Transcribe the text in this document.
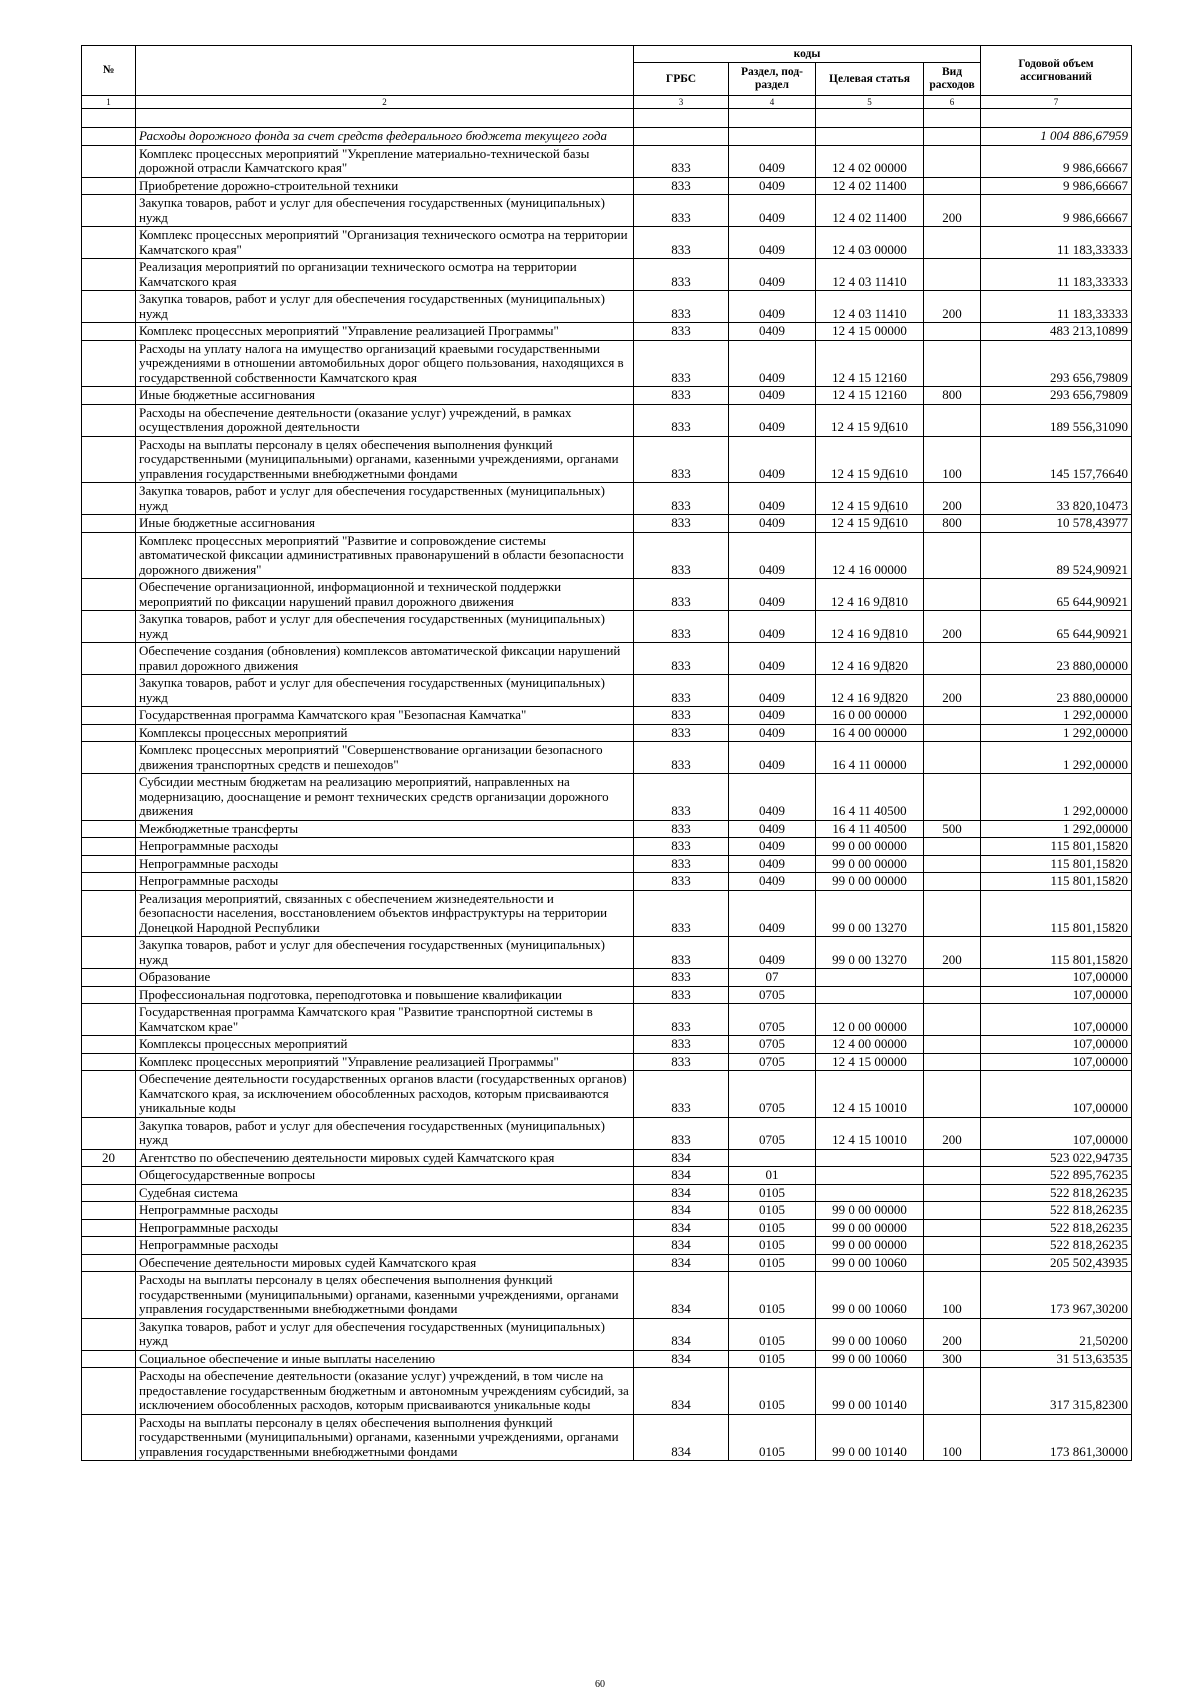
№		коды				Годовой объем ассигнований
		ГРБС	Раздел, под-раздел	Целевая статья	Вид расходов	
1	2	3	4	5	6	7

	Расходы дорожного фонда за счет средств федерального бюджета текущего года					1 004 886,67959
	Комплекс процессных мероприятий "Укрепление материально-технической базы дорожной отрасли Камчатского края"	833	0409	12 4 02 00000		9 986,66667
	Приобретение дорожно-строительной техники	833	0409	12 4 02 11400		9 986,66667
	Закупка товаров, работ и услуг для обеспечения государственных (муниципальных) нужд	833	0409	12 4 02 11400	200	9 986,66667
	Комплекс процессных мероприятий "Организация технического осмотра на территории Камчатского края"	833	0409	12 4 03 00000		11 183,33333
	Реализация мероприятий по организации технического осмотра на территории Камчатского края	833	0409	12 4 03 11410		11 183,33333
	Закупка товаров, работ и услуг для обеспечения государственных (муниципальных) нужд	833	0409	12 4 03 11410	200	11 183,33333
	Комплекс процессных мероприятий "Управление реализацией Программы"	833	0409	12 4 15 00000		483 213,10899
	Расходы на уплату налога на имущество организаций краевыми государственными учреждениями в отношении автомобильных дорог общего пользования, находящихся в государственной собственности Камчатского края	833	0409	12 4 15 12160		293 656,79809
	Иные бюджетные ассигнования	833	0409	12 4 15 12160	800	293 656,79809
	Расходы на обеспечение деятельности (оказание услуг) учреждений, в рамках осуществления дорожной деятельности	833	0409	12 4 15 9Д610		189 556,31090
	Расходы на выплаты персоналу в целях обеспечения выполнения функций государственными (муниципальными) органами, казенными учреждениями, органами управления государственными внебюджетными фондами	833	0409	12 4 15 9Д610	100	145 157,76640
	Закупка товаров, работ и услуг для обеспечения государственных (муниципальных) нужд	833	0409	12 4 15 9Д610	200	33 820,10473
	Иные бюджетные ассигнования	833	0409	12 4 15 9Д610	800	10 578,43977
	Комплекс процессных мероприятий "Развитие и сопровождение системы автоматической фиксации административных правонарушений в области безопасности дорожного движения"	833	0409	12 4 16 00000		89 524,90921
	Обеспечение организационной, информационной и технической поддержки мероприятий по фиксации нарушений правил дорожного движения	833	0409	12 4 16 9Д810		65 644,90921
	Закупка товаров, работ и услуг для обеспечения государственных (муниципальных) нужд	833	0409	12 4 16 9Д810	200	65 644,90921
	Обеспечение создания (обновления) комплексов автоматической фиксации нарушений правил дорожного движения	833	0409	12 4 16 9Д820		23 880,00000
	Закупка товаров, работ и услуг для обеспечения государственных (муниципальных) нужд	833	0409	12 4 16 9Д820	200	23 880,00000
	Государственная программа Камчатского края "Безопасная Камчатка"	833	0409	16 0 00 00000		1 292,00000
	Комплексы процессных мероприятий	833	0409	16 4 00 00000		1 292,00000
	Комплекс процессных мероприятий "Совершенствование организации безопасного движения транспортных средств и пешеходов"	833	0409	16 4 11 00000		1 292,00000
	Субсидии местным бюджетам на реализацию мероприятий, направленных на модернизацию, дооснащение и ремонт технических средств организации дорожного движения	833	0409	16 4 11 40500		1 292,00000
	Межбюджетные трансферты	833	0409	16 4 11 40500	500	1 292,00000
	Непрограммные расходы	833	0409	99 0 00 00000		115 801,15820
	Непрограммные расходы	833	0409	99 0 00 00000		115 801,15820
	Непрограммные расходы	833	0409	99 0 00 00000		115 801,15820
	Реализация мероприятий, связанных с обеспечением жизнедеятельности и безопасности населения, восстановлением объектов инфраструктуры на территории Донецкой Народной Республики	833	0409	99 0 00 13270		115 801,15820
	Закупка товаров, работ и услуг для обеспечения государственных (муниципальных) нужд	833	0409	99 0 00 13270	200	115 801,15820
	Образование	833	07			107,00000
	Профессиональная подготовка, переподготовка и повышение квалификации	833	0705			107,00000
	Государственная программа Камчатского края "Развитие транспортной системы в Камчатском крае"	833	0705	12 0 00 00000		107,00000
	Комплексы процессных мероприятий	833	0705	12 4 00 00000		107,00000
	Комплекс процессных мероприятий "Управление реализацией Программы"	833	0705	12 4 15 00000		107,00000
	Обеспечение деятельности государственных органов власти (государственных органов) Камчатского края, за исключением обособленных расходов, которым присваиваются уникальные коды	833	0705	12 4 15 10010		107,00000
	Закупка товаров, работ и услуг для обеспечения государственных (муниципальных) нужд	833	0705	12 4 15 10010	200	107,00000
20	Агентство по обеспечению деятельности мировых судей Камчатского края	834				523 022,94735
	Общегосударственные вопросы	834	01			522 895,76235
	Судебная система	834	0105			522 818,26235
	Непрограммные расходы	834	0105	99 0 00 00000		522 818,26235
	Непрограммные расходы	834	0105	99 0 00 00000		522 818,26235
	Непрограммные расходы	834	0105	99 0 00 00000		522 818,26235
	Обеспечение деятельности мировых судей Камчатского края	834	0105	99 0 00 10060		205 502,43935
	Расходы на выплаты персоналу в целях обеспечения выполнения функций государственными (муниципальными) органами, казенными учреждениями, органами управления государственными внебюджетными фондами	834	0105	99 0 00 10060	100	173 967,30200
	Закупка товаров, работ и услуг для обеспечения государственных (муниципальных) нужд	834	0105	99 0 00 10060	200	21,50200
	Социальное обеспечение и иные выплаты населению	834	0105	99 0 00 10060	300	31 513,63535
	Расходы на обеспечение деятельности (оказание услуг) учреждений, в том числе на предоставление государственным бюджетным и автономным учреждениям субсидий, за исключением обособленных расходов, которым присваиваются уникальные коды	834	0105	99 0 00 10140		317 315,82300
	Расходы на выплаты персоналу в целях обеспечения выполнения функций государственными (муниципальными) органами, казенными учреждениями, органами управления государственными внебюджетными фондами	834	0105	99 0 00 10140	100	173 861,30000
60
